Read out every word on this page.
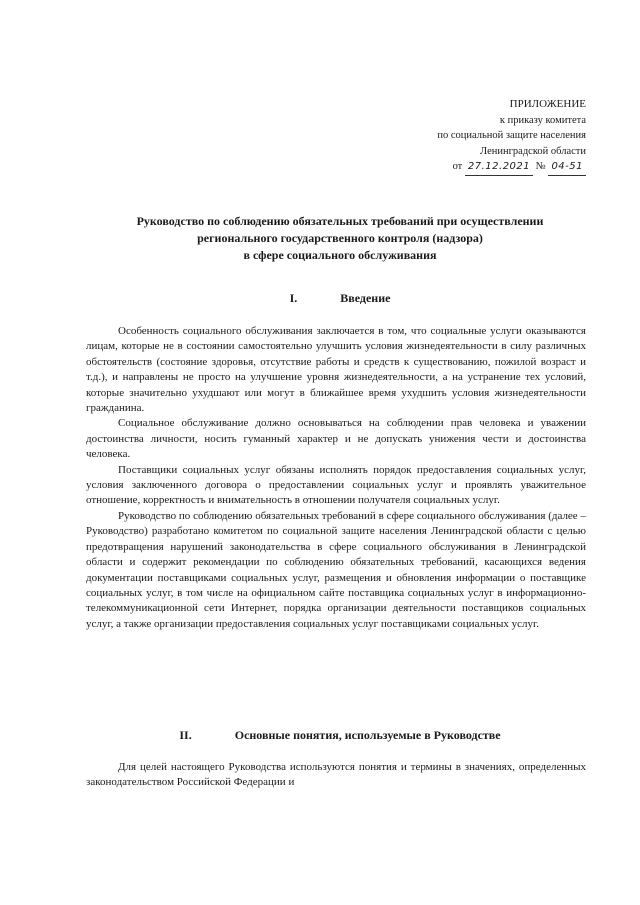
ПРИЛОЖЕНИЕ
к приказу комитета
по социальной защите населения
Ленинградской области
от 27.12.2021 № 04-51
Руководство по соблюдению обязательных требований при осуществлении
регионального государственного контроля (надзора)
в сфере социального обслуживания
I.	Введение

Особенность социального обслуживания заключается в том, что социальные услуги оказываются лицам, которые не в состоянии самостоятельно улучшить условия жизнедеятельности в силу различных обстоятельств (состояние здоровья, отсутствие работы и средств к существованию, пожилой возраст и т.д.), и направлены не просто на улучшение уровня жизнедеятельности, а на устранение тех условий, которые значительно ухудшают или могут в ближайшее время ухудшить условия жизнедеятельности гражданина.

Социальное обслуживание должно основываться на соблюдении прав человека и уважении достоинства личности, носить гуманный характер и не допускать унижения чести и достоинства человека.

Поставщики социальных услуг обязаны исполнять порядок предоставления социальных услуг, условия заключенного договора о предоставлении социальных услуг и проявлять уважительное отношение, корректность и внимательность в отношении получателя социальных услуг.

Руководство по соблюдению обязательных требований в сфере социального обслуживания (далее – Руководство) разработано комитетом по социальной защите населения Ленинградской области с целью предотвращения нарушений законодательства в сфере социального обслуживания в Ленинградской области и содержит рекомендации по соблюдению обязательных требований, касающихся ведения документации поставщиками социальных услуг, размещения и обновления информации о поставщике социальных услуг, в том числе на официальном сайте поставщика социальных услуг в информационно-телекоммуникационной сети Интернет, порядка организации деятельности поставщиков социальных услуг, а также организации предоставления социальных услуг поставщиками социальных услуг.

II.	Основные понятия, используемые в Руководстве

Для целей настоящего Руководства используются понятия и термины в значениях, определенных законодательством Российской Федерации и
